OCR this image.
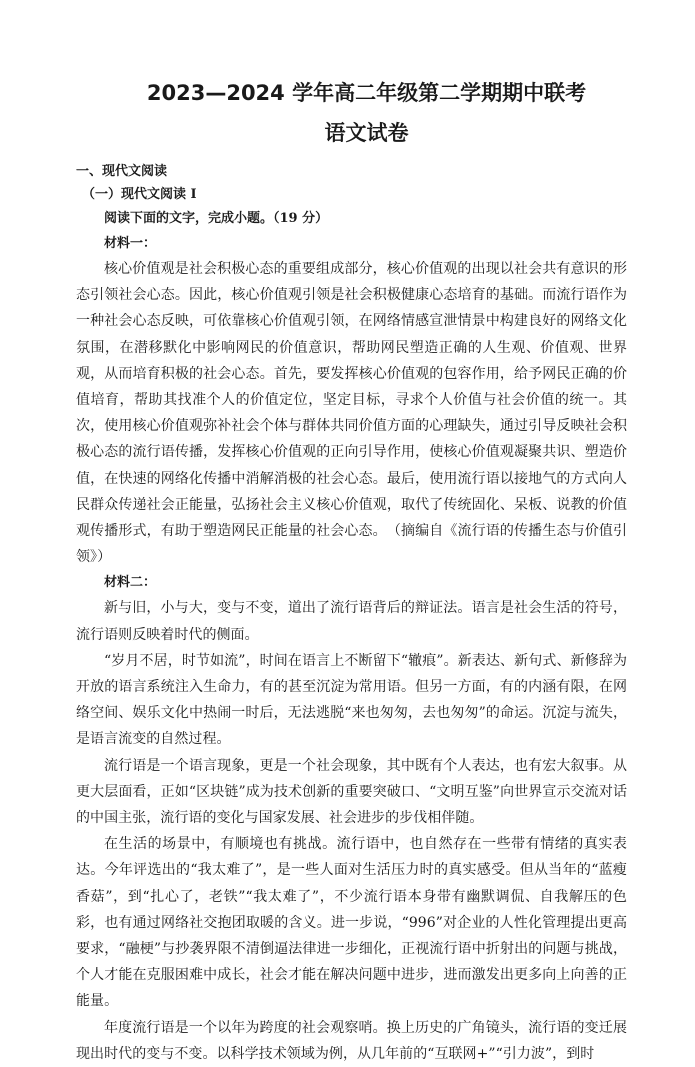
2023—2024 学年高二年级第二学期期中联考
语文试卷
一、现代文阅读
（一）现代文阅读 I
阅读下面的文字，完成小题。（19 分）
材料一：

核心价值观是社会积极心态的重要组成部分，核心价值观的出现以社会共有意识的形态引领社会心态。因此，核心价值观引领是社会积极健康心态培育的基础。而流行语作为一种社会心态反映，可依靠核心价值观引领，在网络情感宣泄情景中构建良好的网络文化氛围，在潜移默化中影响网民的价值意识，帮助网民塑造正确的人生观、价值观、世界观，从而培育积极的社会心态。首先，要发挥核心价值观的包容作用，给予网民正确的价值培育，帮助其找准个人的价值定位，坚定目标，寻求个人价值与社会价值的统一。其次，使用核心价值观弥补社会个体与群体共同价值方面的心理缺失，通过引导反映社会积极心态的流行语传播，发挥核心价值观的正向引导作用，使核心价值观凝聚共识、塑造价值，在快速的网络化传播中消解消极的社会心态。最后，使用流行语以接地气的方式向人民群众传递社会正能量，弘扬社会主义核心价值观，取代了传统固化、呆板、说教的价值观传播形式，有助于塑造网民正能量的社会心态。　（摘编自《流行语的传播生态与价值引领》）

材料二：

新与旧，小与大，变与不变，道出了流行语背后的辩证法。语言是社会生活的符号，流行语则反映着时代的侧面。

“岁月不居，时节如流”，时间在语言上不断留下“辙痕”。新表达、新句式、新修辞为开放的语言系统注入生命力，有的甚至沉淀为常用语。但另一方面，有的内涵有限，在网络空间、娱乐文化中热闹一时后，无法逃脱“来也匆匆，去也匆匆”的命运。沉淀与流失，是语言流变的自然过程。

流行语是一个语言现象，更是一个社会现象，其中既有个人表达，也有宏大叙事。从更大层面看，正如“区块链”成为技术创新的重要突破口、“文明互鉴”向世界宣示交流对话的中国主张，流行语的变化与国家发展、社会进步的步伐相伴随。

在生活的场景中，有顺境也有挑战。流行语中，也自然存在一些带有情绪的真实表达。今年评选出的“我太难了”，是一些人面对生活压力时的真实感受。但从当年的“蓝瘦香菇”，到“扎心了，老铁”“我太难了”，不少流行语本身带有幽默调侃、自我解压的色彩，也有通过网络社交抱团取暖的含义。进一步说，“996”对企业的人性化管理提出更高要求，“融梗”与抄袭界限不清倒逼法律进一步细化，正视流行语中折射出的问题与挑战，个人才能在克服困难中成长，社会才能在解决问题中进步，进而激发出更多向上向善的正能量。

年度流行语是一个以年为跨度的社会观察哨。换上历史的广角镜头，流行语的变迁展现出时代的变与不变。以科学技术领域为例，从几年前的“互联网+”“引力波”，到时
